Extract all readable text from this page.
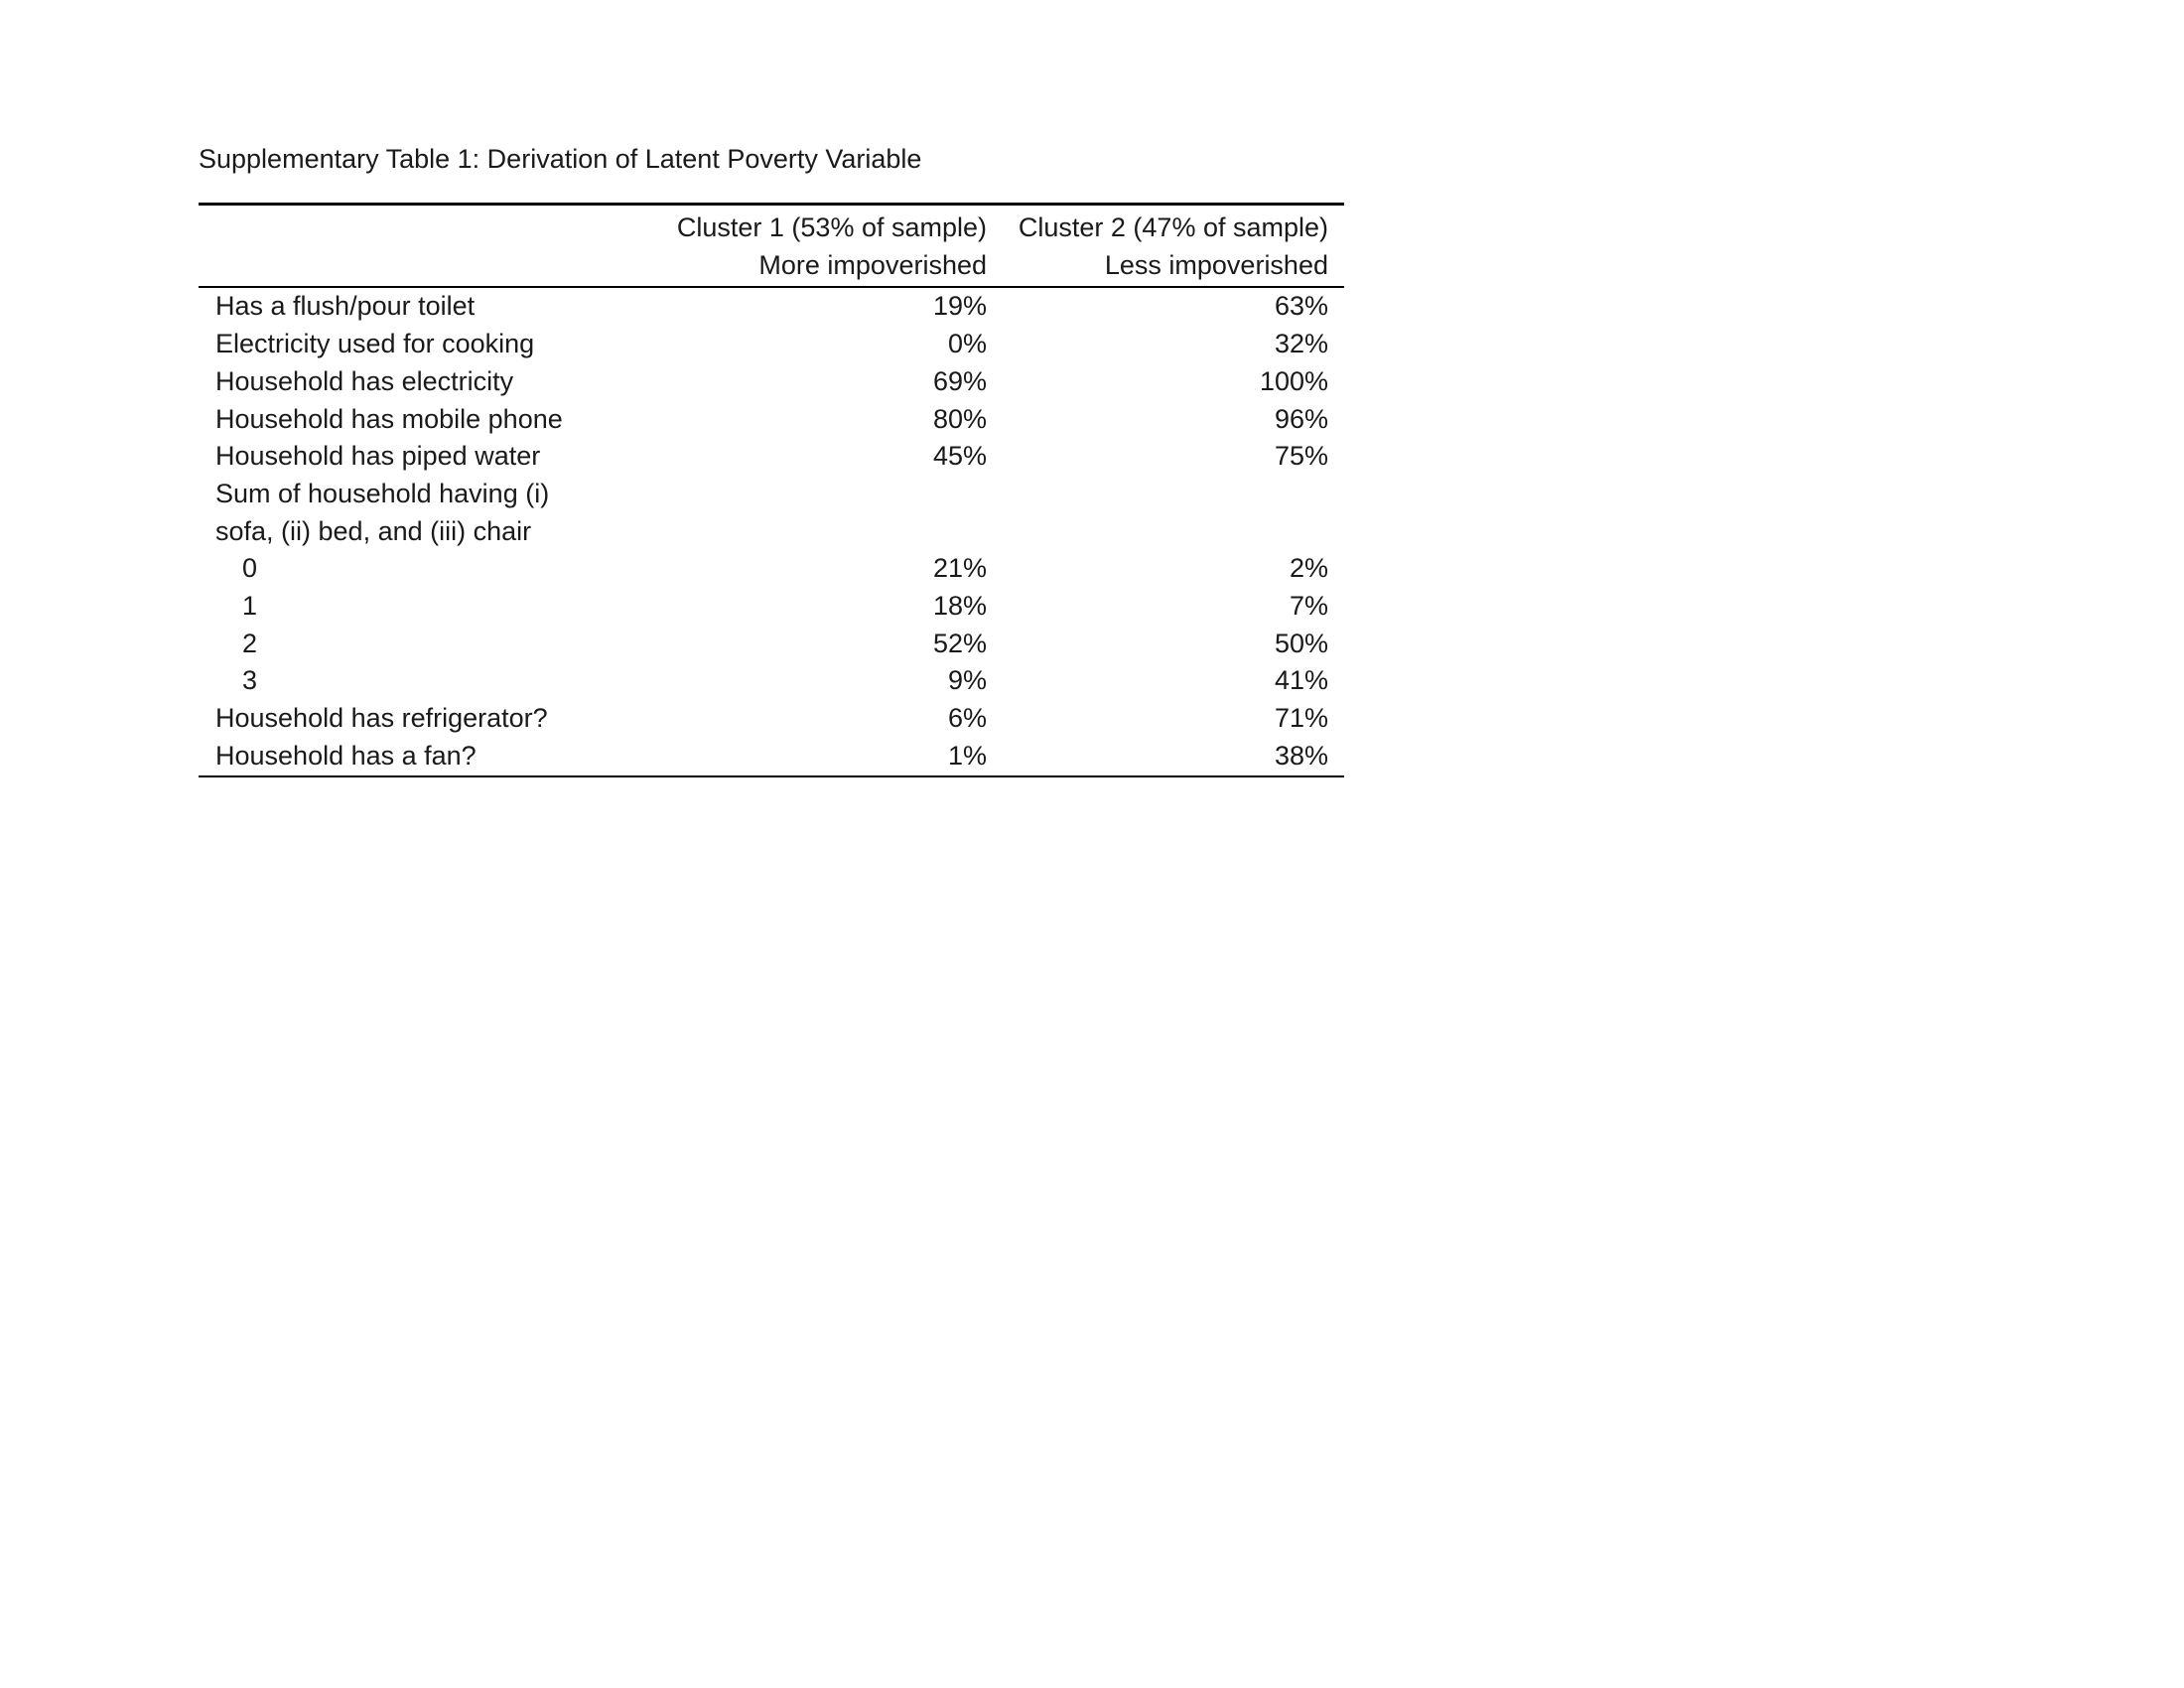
Supplementary Table 1: Derivation of Latent Poverty Variable
	Cluster 1 (53% of sample)	Cluster 2 (47% of sample)
	More impoverished	Less impoverished
Has a flush/pour toilet	19%	63%
Electricity used for cooking	0%	32%
Household has electricity	69%	100%
Household has mobile phone	80%	96%
Household has piped water	45%	75%
Sum of household having (i)		
sofa, (ii) bed, and (iii) chair		
0	21%	2%
1	18%	7%
2	52%	50%
3	9%	41%
Household has refrigerator?	6%	71%
Household has a fan?	1%	38%
